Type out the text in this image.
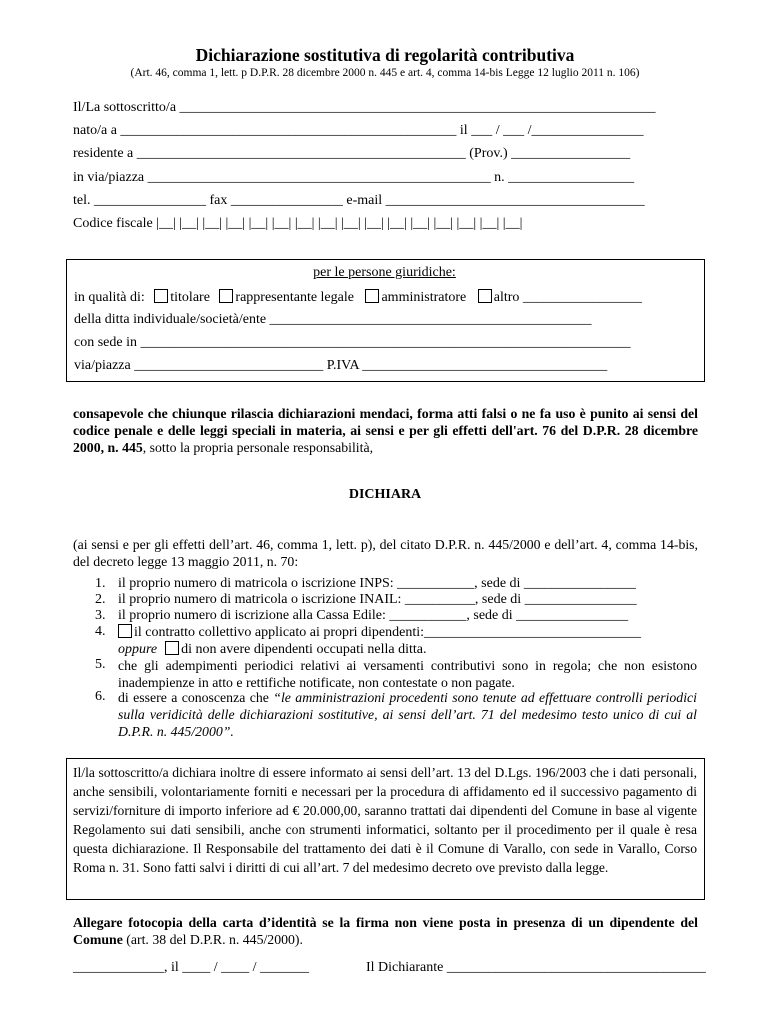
Dichiarazione sostitutiva di regolarità contributiva
(Art. 46, comma 1, lett. p D.P.R. 28 dicembre 2000 n. 445 e art. 4, comma 14-bis Legge 12 luglio 2011 n. 106)
Il/La sottoscritto/a ____________________________________________________________________
nato/a a ________________________________________________ il ___ / ___ /________________
residente a _______________________________________________ (Prov.) _________________
in via/piazza _________________________________________________ n. __________________
tel. ________________ fax ________________ e-mail _____________________________________
Codice fiscale |__| |__| |__| |__| |__| |__| |__| |__| |__| |__| |__| |__| |__| |__| |__| |__|
per le persone giuridiche:
in qualità di: titolare rappresentante legale amministratore altro _________________
della ditta individuale/società/ente ______________________________________________
con sede in ______________________________________________________________________
via/piazza ___________________________ P.IVA ___________________________________
consapevole che chiunque rilascia dichiarazioni mendaci, forma atti falsi o ne fa uso è punito ai sensi del codice penale e delle leggi speciali in materia, ai sensi e per gli effetti dell'art. 76 del D.P.R. 28 dicembre 2000, n. 445, sotto la propria personale responsabilità,
DICHIARA
(ai sensi e per gli effetti dell’art. 46, comma 1, lett. p), del citato D.P.R. n. 445/2000 e dell’art. 4, comma 14-bis, del decreto legge 13 maggio 2011, n. 70:
1. il proprio numero di matricola o iscrizione INPS: ___________, sede di ________________
2. il proprio numero di matricola o iscrizione INAIL: __________, sede di ________________
3. il proprio numero di iscrizione alla Cassa Edile: ___________, sede di ________________
4.	il contratto collettivo applicato ai propri dipendenti:_______________________________
oppure di non avere dipendenti occupati nella ditta.
5. che gli adempimenti periodici relativi ai versamenti contributivi sono in regola; che non esistono inadempienze in atto e rettifiche notificate, non contestate o non pagate.
6. di essere a conoscenza che “le amministrazioni procedenti sono tenute ad effettuare controlli periodici sulla veridicità delle dichiarazioni sostitutive, ai sensi dell’art. 71 del medesimo testo unico di cui al D.P.R. n. 445/2000”.
Il/la sottoscritto/a dichiara inoltre di essere informato ai sensi dell’art. 13 del D.Lgs. 196/2003 che i dati personali, anche sensibili, volontariamente forniti e necessari per la procedura di affidamento ed il successivo pagamento di servizi/forniture di importo inferiore ad € 20.000,00, saranno trattati dai dipendenti del Comune in base al vigente Regolamento sui dati sensibili, anche con strumenti informatici, soltanto per il procedimento per il quale è resa questa dichiarazione. Il Responsabile del trattamento dei dati è il Comune di Varallo, con sede in Varallo, Corso Roma n. 31. Sono fatti salvi i diritti di cui all’art. 7 del medesimo decreto ove previsto dalla legge.
Allegare fotocopia della carta d’identità se la firma non viene posta in presenza di un dipendente del Comune (art. 38 del D.P.R. n. 445/2000).
_____________, il ____ / ____ / _______	Il Dichiarante _____________________________________
